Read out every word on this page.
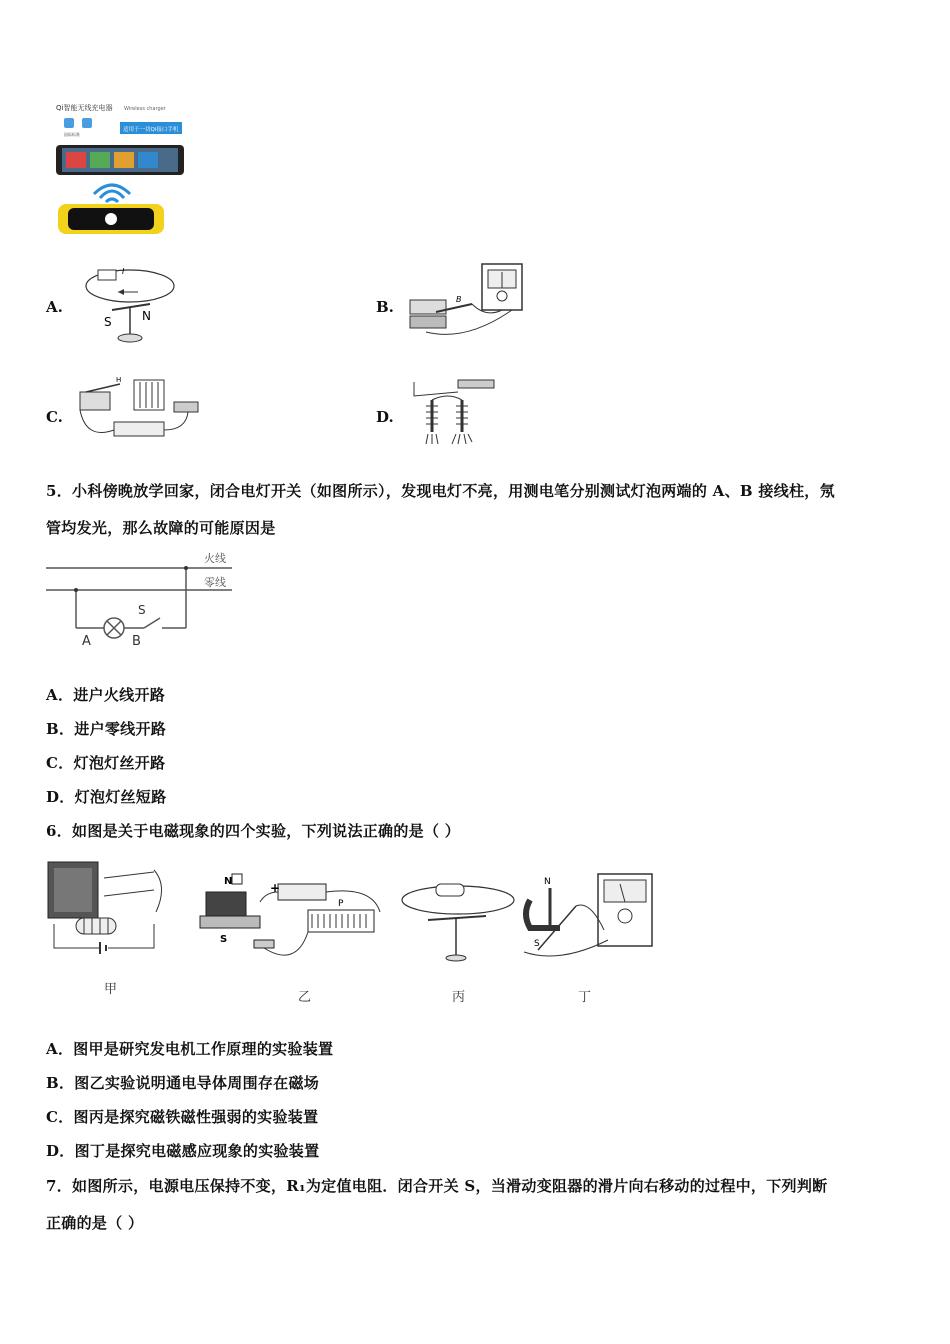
Qi智能无线充电器 Wireless charger
国际标准
适用于一切Qi接口手机
A.
I
S	N	B.	B
C.
H
D.
5．小科傍晚放学回家，闭合电灯开关（如图所示），发现电灯不亮，用测电笔分别测试灯泡两端的 A、B 接线柱，氖
管均发光，那么故障的可能原因是
火线
零线
S
A	B
A．进户火线开路
B．进户零线开路
C．灯泡灯丝开路
D．灯泡灯丝短路
6．如图是关于电磁现象的四个实验，下列说法正确的是（ ）
甲
N
S
+
P
乙	丙
N
S
丁
A．图甲是研究发电机工作原理的实验装置
B．图乙实验说明通电导体周围存在磁场
C．图丙是探究磁铁磁性强弱的实验装置
D．图丁是探究电磁感应现象的实验装置
7．如图所示，电源电压保持不变，R₁为定值电阻．闭合开关 S，当滑动变阻器的滑片向右移动的过程中，下列判断
正确的是（ ）
